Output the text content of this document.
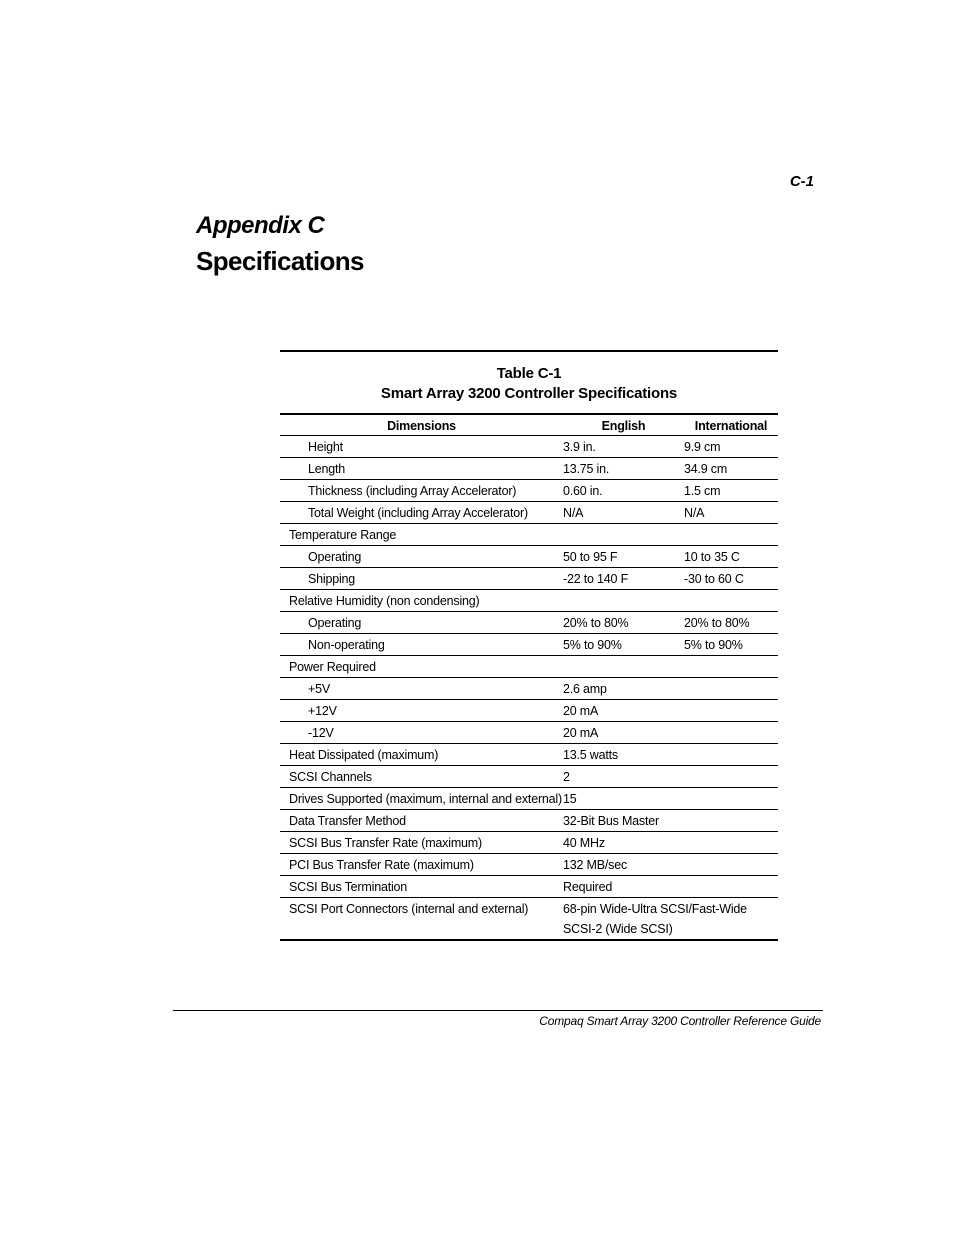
C-1
Appendix C
Specifications
Table C-1
Smart Array 3200 Controller Specifications
Dimensions	English	International
Height	3.9 in.	9.9 cm
Length	13.75 in.	34.9 cm
Thickness (including Array Accelerator)	0.60 in.	1.5 cm
Total Weight (including Array Accelerator)	N/A	N/A
Temperature Range		
Operating	50 to 95 F	10 to 35 C
Shipping	-22 to 140 F	-30 to 60 C
Relative Humidity (non condensing)		
Operating	20% to 80%	20% to 80%
Non-operating	5% to 90%	5% to 90%
Power Required		
+5V	2.6 amp	
+12V	20 mA	
-12V	20 mA	
Heat Dissipated (maximum)	13.5 watts	
SCSI Channels	2	
Drives Supported (maximum, internal and external)	15	
Data Transfer Method	32-Bit Bus Master	
SCSI Bus Transfer Rate (maximum)	40 MHz	
PCI Bus Transfer Rate (maximum)	132 MB/sec	
SCSI Bus Termination	Required	
SCSI Port Connectors (internal and external)	68-pin Wide-Ultra SCSI/Fast-Wide SCSI-2 (Wide SCSI)	
Compaq Smart Array 3200 Controller Reference Guide
